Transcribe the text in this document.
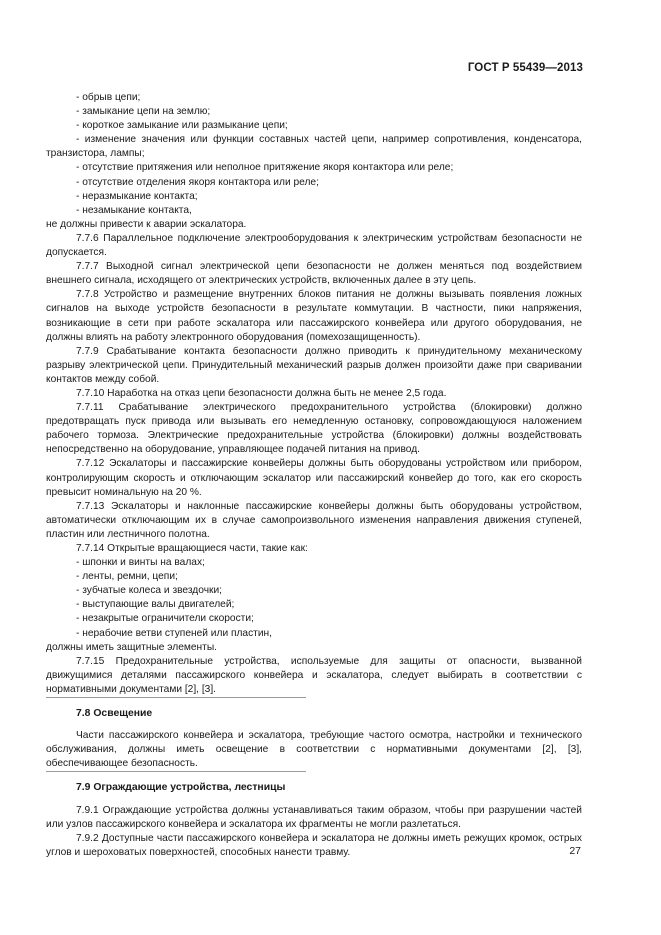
ГОСТ Р 55439—2013

- обрыв цепи;

- замыкание цепи на землю;

- короткое замыкание или размыкание цепи;

- изменение значения или функции составных частей цепи, например сопротивления, конденсатора, транзистора, лампы;

- отсутствие притяжения или неполное притяжение якоря контактора или реле;

- отсутствие отделения якоря контактора или реле;

- неразмыкание контакта;

- незамыкание контакта,

не должны привести к аварии эскалатора.

7.7.6 Параллельное подключение электрооборудования к электрическим устройствам безопасности не допускается.

7.7.7 Выходной сигнал электрической цепи безопасности не должен меняться под воздействием внешнего сигнала, исходящего от электрических устройств, включенных далее в эту цепь.

7.7.8 Устройство и размещение внутренних блоков питания не должны вызывать появления ложных сигналов на выходе устройств безопасности в результате коммутации. В частности, пики напряжения, возникающие в сети при работе эскалатора или пассажирского конвейера или другого оборудования, не должны влиять на работу электронного оборудования (помехозащищенность).

7.7.9 Срабатывание контакта безопасности должно приводить к принудительному механическому разрыву электрической цепи. Принудительный механический разрыв должен произойти даже при сваривании контактов между собой.

7.7.10 Наработка на отказ цепи безопасности должна быть не менее 2,5 года.

7.7.11 Срабатывание электрического предохранительного устройства (блокировки) должно предотвращать пуск привода или вызывать его немедленную остановку, сопровождающуюся наложением рабочего тормоза. Электрические предохранительные устройства (блокировки) должны воздействовать непосредственно на оборудование, управляющее подачей питания на привод.

7.7.12 Эскалаторы и пассажирские конвейеры должны быть оборудованы устройством или прибором, контролирующим скорость и отключающим эскалатор или пассажирский конвейер до того, как его скорость превысит номинальную на 20 %.

7.7.13 Эскалаторы и наклонные пассажирские конвейеры должны быть оборудованы устройством, автоматически отключающим их в случае самопроизвольного изменения направления движения ступеней, пластин или лестничного полотна.

7.7.14 Открытые вращающиеся части, такие как:

- шпонки и винты на валах;

- ленты, ремни, цепи;

- зубчатые колеса и звездочки;

- выступающие валы двигателей;

- незакрытые ограничители скорости;

- нерабочие ветви ступеней или пластин,

должны иметь защитные элементы.

7.7.15 Предохранительные устройства, используемые для защиты от опасности, вызванной движущимися деталями пассажирского конвейера и эскалатора, следует выбирать в соответствии с нормативными документами [2], [3].

7.8 Освещение

Части пассажирского конвейера и эскалатора, требующие частого осмотра, настройки и технического обслуживания, должны иметь освещение в соответствии с нормативными документами [2], [3], обеспечивающее безопасность.

7.9 Ограждающие устройства, лестницы

7.9.1 Ограждающие устройства должны устанавливаться таким образом, чтобы при разрушении частей или узлов пассажирского конвейера и эскалатора их фрагменты не могли разлетаться.

7.9.2 Доступные части пассажирского конвейера и эскалатора не должны иметь режущих кромок, острых углов и шероховатых поверхностей, способных нанести травму.	27
